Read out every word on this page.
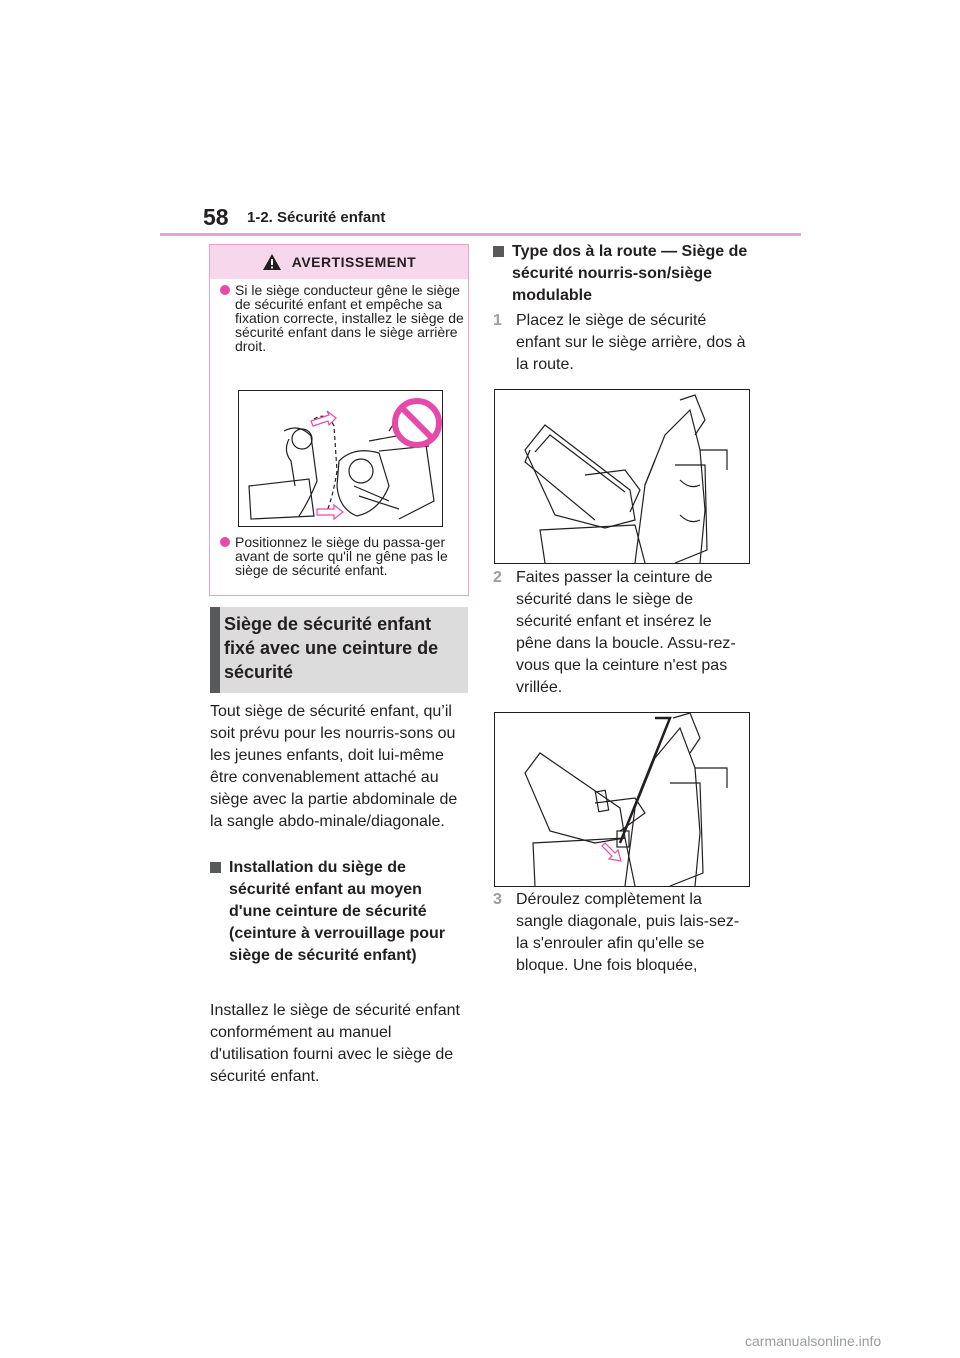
58 1-2. Sécurité enfant
AVERTISSEMENT
Si le siège conducteur gêne le siège de sécurité enfant et empêche sa fixation correcte, installez le siège de sécurité enfant dans le siège arrière droit.
Positionnez le siège du passa-ger avant de sorte qu'il ne gêne pas le siège de sécurité enfant.
Siège de sécurité enfant fixé avec une ceinture de sécurité
Tout siège de sécurité enfant, qu’il soit prévu pour les nourris-sons ou les jeunes enfants, doit lui-même être convenablement attaché au siège avec la partie abdominale de la sangle abdo-minale/diagonale.
Installation du siège de sécurité enfant au moyen d'une ceinture de sécurité (ceinture à verrouillage pour siège de sécurité enfant)
Installez le siège de sécurité enfant conformément au manuel d'utilisation fourni avec le siège de sécurité enfant.
Type dos à la route — Siège de sécurité nourris-son/siège modulable
1 Placez le siège de sécurité enfant sur le siège arrière, dos à la route.
2 Faites passer la ceinture de sécurité dans le siège de sécurité enfant et insérez le pêne dans la boucle. Assu-rez-vous que la ceinture n'est pas vrillée.
3 Déroulez complètement la sangle diagonale, puis lais-sez-la s'enrouler afin qu'elle se bloque. Une fois bloquée,
carmanualsonline.info
